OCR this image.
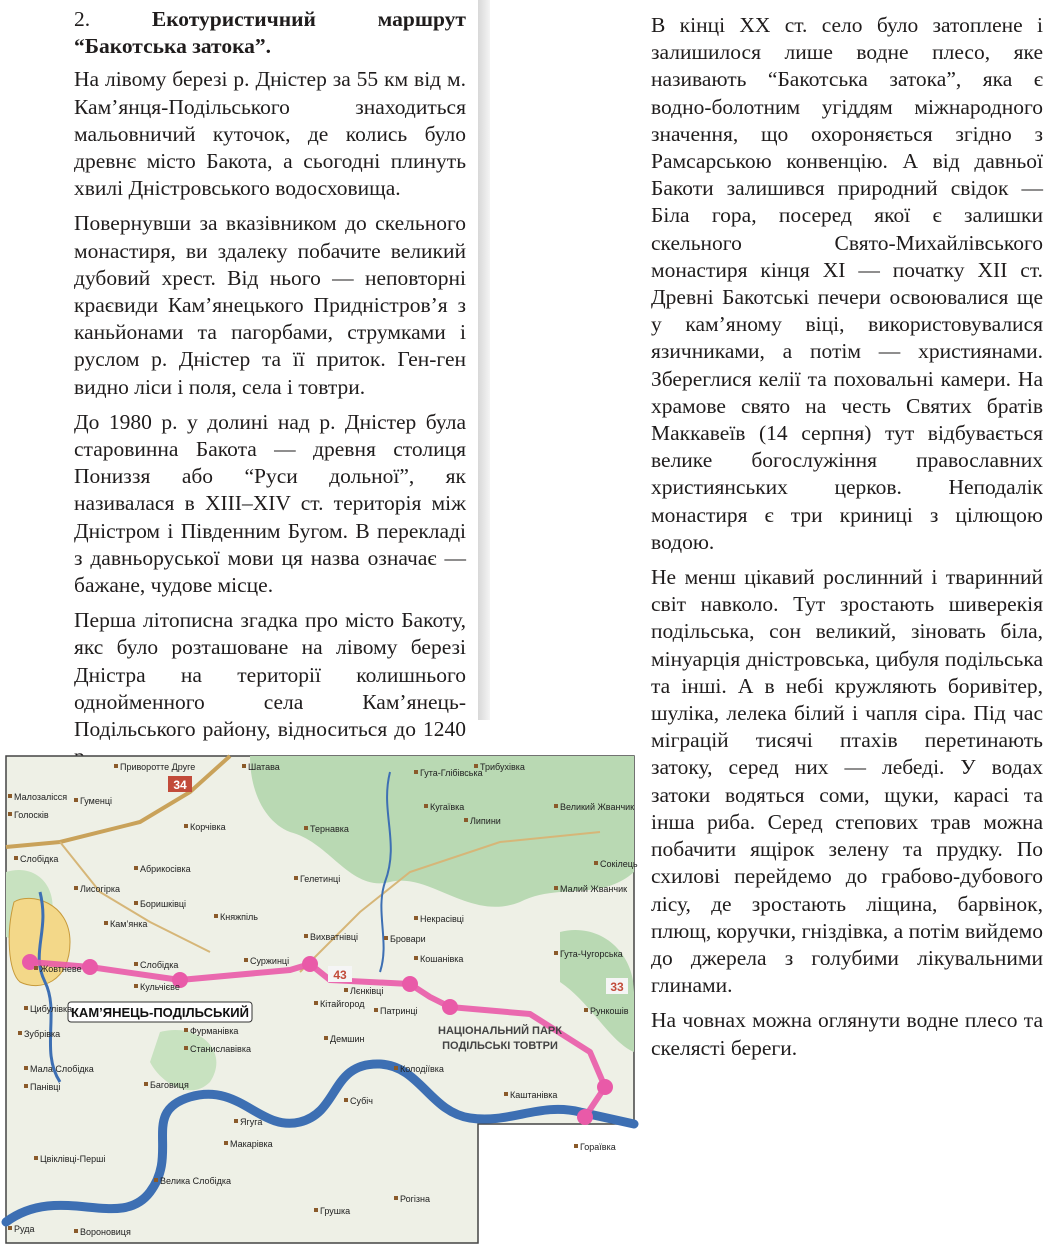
2.	Екотуристичний маршрут “Бакотська затока”.

На лівому березі р. Дністер за 55 км від м. Кам’янця-Подільського знаходиться мальовничий куточок, де колись було древнє місто Бакота, а сьогодні плинуть хвилі Дністровського водосховища.

Повернувши за вказівником до скельного монастиря, ви здалеку побачите великий дубовий хрест. Від нього — неповторні краєвиди Кам’янецького Придністров’я з каньйонами та пагорбами, струмками і руслом р. Дністер та її приток. Ген-ген видно ліси і поля, села і товтри.

До 1980 р. у долині над р. Дністер була старовинна Бакота — древня столиця Пониззя або “Руси дольної”, як називалася в XIII–XIV ст. територія між Дністром і Південним Бугом. В перекладі з давньоруської мови ця назва означає — бажане, чудове місце.

Перша літописна згадка про місто Бакоту, якс було розташоване на лівому березі Дністра на території колишнього однойменного села Кам’янець-Подільського району, відноситься до 1240

В кінці XX ст. село було затоплене і залишилося лише водне плесо, яке називають “Бакотська затока”, яка є водно-болотним угіддям міжнародного значення, що охороняється згідно з Рамсарською конвенцію. А від давньої Бакоти залишився природний свідок — Біла гора, посеред якої є залишки скельного Свято-Михайлівського монастиря кінця XI — початку XII ст. Древні Бакотські печери освоювалися ще у кам’яному віці, використовувалися язичниками, а потім — християнами. Збереглися келії та поховальні камери. На храмове свято на честь Святих братів Маккавеїв (14 серпня) тут відбувається велике богослужіння православних християнських церков. Неподалік монастиря є три криниці з цілющою водою.

Не менш цікавий рослинний і тваринний світ навколо. Тут зростають шиверекія подільська, сон великий, зіновать біла, мінуарція дністровська, цибуля подільська та інші. А в небі кружляють боривітер, шуліка, лелека білий і чапля сіра. Під час міграцій тисячі птахів перетинають затоку, серед них — лебеді. У водах затоки водяться соми, щуки, карасі та інша риба. Серед степових трав можна побачити ящірок зелену та прудку. По схилові перейдемо до грабово-дубового лісу, де зростають ліщина, барвінок, плющ, коручки, гніздівка, а потім вийдемо до джерела з голубими лікувальними глинами.

На човнах можна оглянути водне плесо та скелясті береги.

34
43
33
КАМ’ЯНЕЦЬ-ПОДІЛЬСЬКИЙ
НАЦІОНАЛЬНИЙ ПАРК
ПОДІЛЬСЬКІ ТОВТРИ
Приворотте Друге	Шатава
Гута-Глібівська
Трибухівка
Малозалісся Гуменці
Голосків
Корчівка	Тернавка
Кугаївка
Липини
Великий Жванчик
Слобідка
Абрикосівка
Гелетинці
Сокілець
Лисогірка
Боришківці
Княжпіль
Малий Жванчик
Кам’янка
Вихватнівці	Бровари
Некрасівці
Гута-Чугорська
Жовтневе	Слобідка	Суржинці
Кульчієве
Кошанівка
Цибулівка	Кітайгород
Лєнківці
Рункошів
Зубрівка	Фурманівка
Станиславівка
Патринці
Демшин
Мала Слобідка
Панівці	Баговиця
Колодіївка
Каштанівка
Субіч
Ягуга
Макарівка
Цвіклівці-Перші
Велика Слобідка
Рогізна
Грушка
Гораївка
Вороновиця
Руда
